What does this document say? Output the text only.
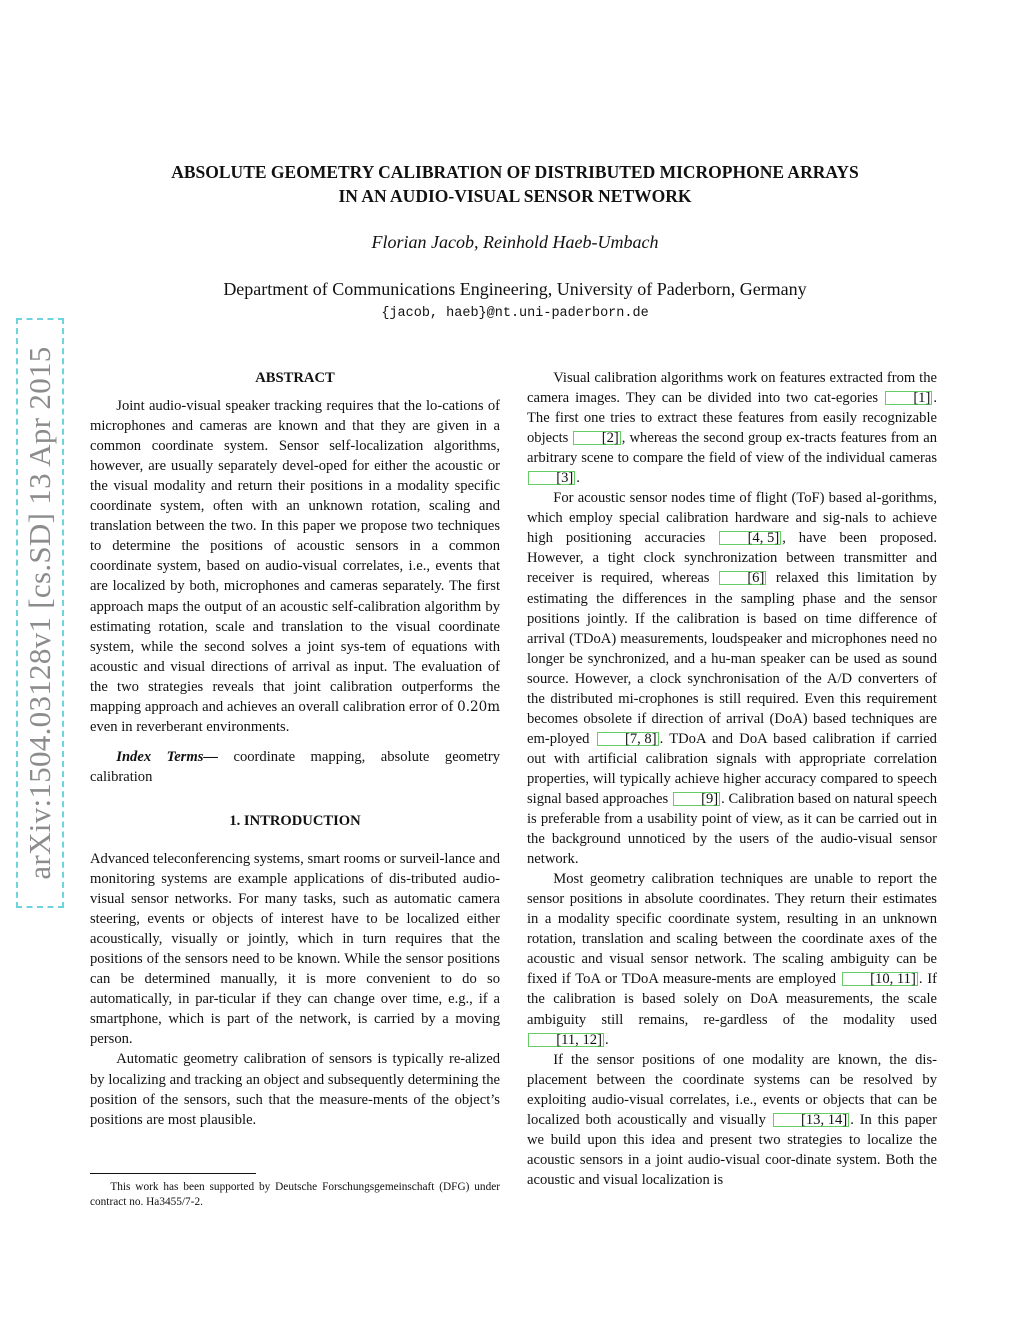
arXiv:1504.03128v1 [cs.SD] 13 Apr 2015
ABSOLUTE GEOMETRY CALIBRATION OF DISTRIBUTED MICROPHONE ARRAYS
IN AN AUDIO-VISUAL SENSOR NETWORK

Florian Jacob, Reinhold Haeb-Umbach

Department of Communications Engineering, University of Paderborn, Germany

{jacob, haeb}@nt.uni-paderborn.de

ABSTRACT

Joint audio-visual speaker tracking requires that the lo-cations of microphones and cameras are known and that they are given in a common coordinate system. Sensor self-localization algorithms, however, are usually separately devel-oped for either the acoustic or the visual modality and return their positions in a modality specific coordinate system, often with an unknown rotation, scaling and translation between the two. In this paper we propose two techniques to determine the positions of acoustic sensors in a common coordinate system, based on audio-visual correlates, i.e., events that are localized by both, microphones and cameras separately. The first approach maps the output of an acoustic self-calibration algorithm by estimating rotation, scale and translation to the visual coordinate system, while the second solves a joint sys-tem of equations with acoustic and visual directions of arrival as input. The evaluation of the two strategies reveals that joint calibration outperforms the mapping approach and achieves an overall calibration error of 0.20m even in reverberant environments.

Index Terms— coordinate mapping, absolute geometry calibration

1. INTRODUCTION

Advanced teleconferencing systems, smart rooms or surveil-lance and monitoring systems are example applications of dis-tributed audio-visual sensor networks. For many tasks, such as automatic camera steering, events or objects of interest have to be localized either acoustically, visually or jointly, which in turn requires that the positions of the sensors need to be known. While the sensor positions can be determined manually, it is more convenient to do so automatically, in par-ticular if they can change over time, e.g., if a smartphone, which is part of the network, is carried by a moving person.

Automatic geometry calibration of sensors is typically re-alized by localizing and tracking an object and subsequently determining the position of the sensors, such that the measure-ments of the object’s positions are most plausible.

This work has been supported by Deutsche Forschungsgemeinschaft (DFG) under contract no. Ha3455/7-2.

Visual calibration algorithms work on features extracted from the camera images. They can be divided into two cat-egories [1] . The first one tries to extract these features from easily recognizable objects [2] , whereas the second group ex-tracts features from an arbitrary scene to compare the field of view of the individual cameras [3] .

For acoustic sensor nodes time of flight (ToF) based al-gorithms, which employ special calibration hardware and sig-nals to achieve high positioning accuracies	[4, 5] , have been proposed. However, a tight clock synchronization between transmitter and receiver is required, whereas	[6] relaxed this limitation by estimating the differences in the sampling phase and the sensor positions jointly. If the calibration is based on time difference of arrival (TDoA) measurements, loudspeaker and microphones need no longer be synchronized, and a hu-man speaker can be used as sound source. However, a clock synchronisation of the A/D converters of the distributed mi-crophones is still required. Even this requirement becomes obsolete if direction of arrival (DoA) based techniques are em-ployed [7, 8] . TDoA and DoA based calibration if carried out with artificial calibration signals with appropriate correlation properties, will typically achieve higher accuracy compared to speech signal based approaches [9] . Calibration based on natural speech is preferable from a usability point of view, as it can be carried out in the background unnoticed by the users of the audio-visual sensor network.

Most geometry calibration techniques are unable to report the sensor positions in absolute coordinates. They return their estimates in a modality specific coordinate system, resulting in an unknown rotation, translation and scaling between the coordinate axes of the acoustic and visual sensor network. The scaling ambiguity can be fixed if ToA or TDoA measure-ments are employed [10, 11] . If the calibration is based solely on DoA measurements, the scale ambiguity still remains, re-gardless of the modality used [11, 12] .

If the sensor positions of one modality are known, the dis-placement between the coordinate systems can be resolved by exploiting audio-visual correlates, i.e., events or objects that can be localized both acoustically and visually [13, 14] . In this paper we build upon this idea and present two strategies to localize the acoustic sensors in a joint audio-visual coor-dinate system. Both the acoustic and visual localization is
